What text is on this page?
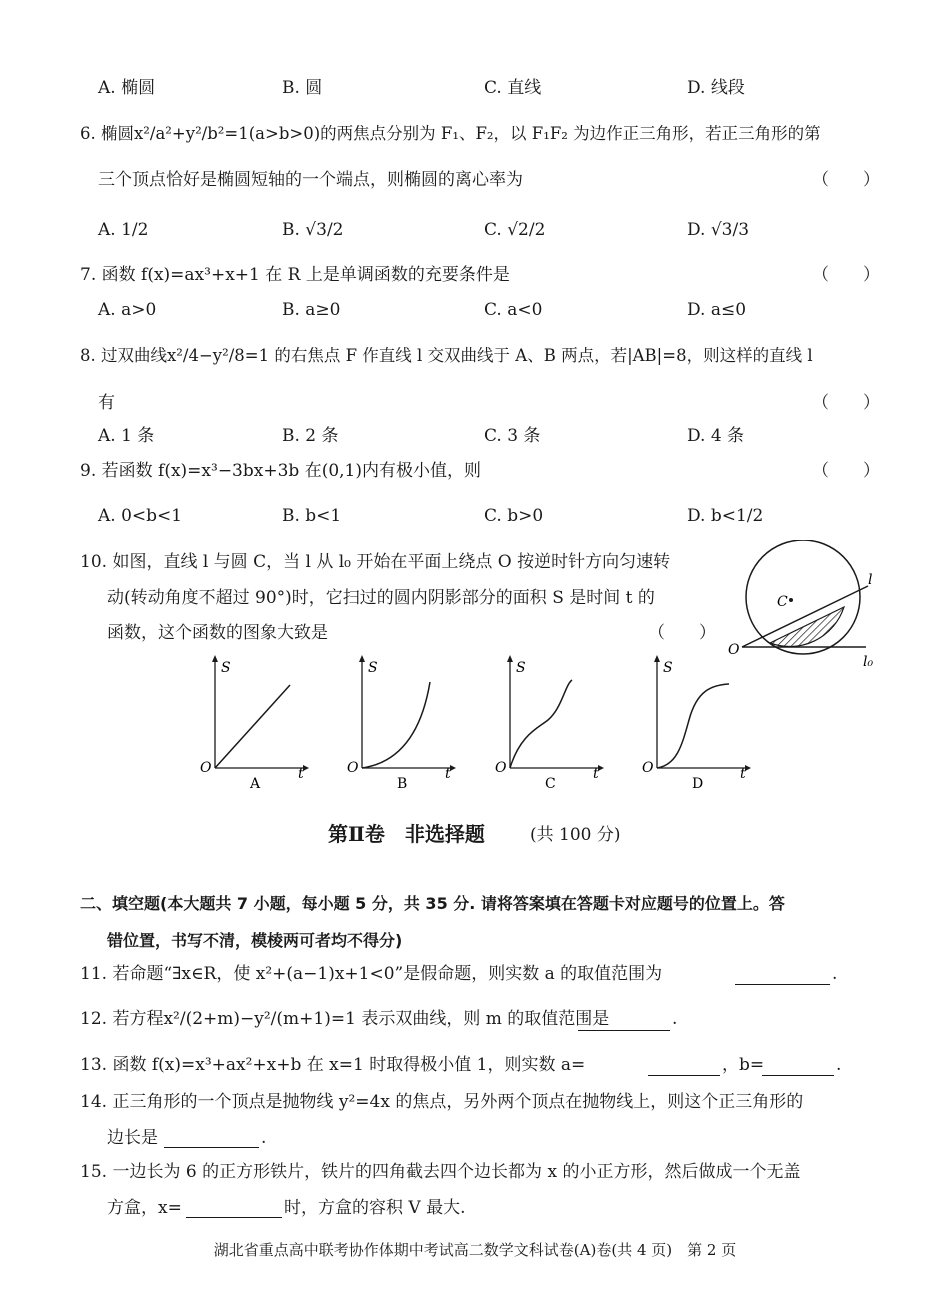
A. 椭圆	B. 圆	C. 直线	D. 线段
6. 椭圆x²/a²+y²/b²=1(a>b>0)的两焦点分别为 F₁、F₂，以 F₁F₂ 为边作正三角形，若正三角形的第
三个顶点恰好是椭圆短轴的一个端点，则椭圆的离心率为	（　　）
A. 1/2	B. √3/2	C. √2/2	D. √3/3
7. 函数 f(x)=ax³+x+1 在 R 上是单调函数的充要条件是	（　　）
A. a>0	B. a≥0	C. a<0	D. a≤0
8. 过双曲线x²/4−y²/8=1 的右焦点 F 作直线 l 交双曲线于 A、B 两点，若|AB|=8，则这样的直线 l
有	（　　）
A. 1 条	B. 2 条	C. 3 条	D. 4 条
9. 若函数 f(x)=x³−3bx+3b 在(0,1)内有极小值，则	（　　）
A. 0<b<1	B. b<1	C. b>0	D. b<1/2
10. 如图，直线 l 与圆 C，当 l 从 l₀ 开始在平面上绕点 O 按逆时针方向匀速转
动(转动角度不超过 90°)时，它扫过的圆内阴影部分的面积 S 是时间 t 的
函数，这个函数的图象大致是	（　　）
C
l
O
l₀
S
O	t
A
S
O	t
B
S
O	t
C
S
O	t
D
第Ⅱ卷　非选择题	(共 100 分)
二、填空题(本大题共 7 小题，每小题 5 分，共 35 分. 请将答案填在答题卡对应题号的位置上。答
错位置，书写不清，模棱两可者均不得分)
11. 若命题“∃x∈R，使 x²+(a−1)x+1<0”是假命题，则实数 a 的取值范围为	.
12. 若方程x²/(2+m)−y²/(m+1)=1 表示双曲线，则 m 的取值范围是	.
13. 函数 f(x)=x³+ax²+x+b 在 x=1 时取得极小值 1，则实数 a=	，b=	.
14. 正三角形的一个顶点是抛物线 y²=4x 的焦点，另外两个顶点在抛物线上，则这个正三角形的
边长是	.
15. 一边长为 6 的正方形铁片，铁片的四角截去四个边长都为 x 的小正方形，然后做成一个无盖
方盒，x=	时，方盒的容积 V 最大.
湖北省重点高中联考协作体期中考试高二数学文科试卷(A)卷(共 4 页)　第 2 页
